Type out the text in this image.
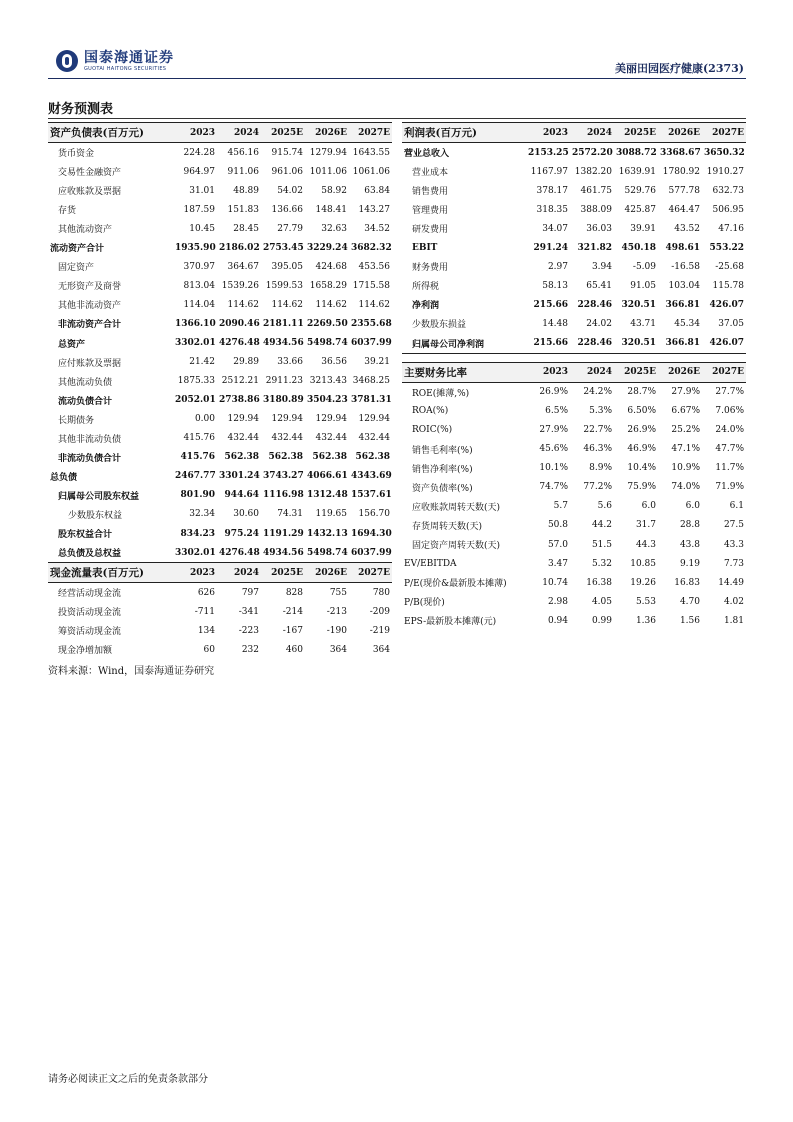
国泰海通证券
GUOTAI HAITONG SECURITIES	美丽田园医疗健康(2373)
财务预测表
资产负债表(百万元)	2023	2024	2025E	2026E	2027E
货币资金	224.28	456.16	915.74	1279.94	1643.55
交易性金融资产	964.97	911.06	961.06	1011.06	1061.06
应收账款及票据	31.01	48.89	54.02	58.92	63.84
存货	187.59	151.83	136.66	148.41	143.27
其他流动资产	10.45	28.45	27.79	32.63	34.52
流动资产合计	1935.90	2186.02	2753.45	3229.24	3682.32
固定资产	370.97	364.67	395.05	424.68	453.56
无形资产及商誉	813.04	1539.26	1599.53	1658.29	1715.58
其他非流动资产	114.04	114.62	114.62	114.62	114.62
非流动资产合计	1366.10	2090.46	2181.11	2269.50	2355.68
总资产	3302.01	4276.48	4934.56	5498.74	6037.99
应付账款及票据	21.42	29.89	33.66	36.56	39.21
其他流动负债	1875.33	2512.21	2911.23	3213.43	3468.25
流动负债合计	2052.01	2738.86	3180.89	3504.23	3781.31
长期债务	0.00	129.94	129.94	129.94	129.94
其他非流动负债	415.76	432.44	432.44	432.44	432.44
非流动负债合计	415.76	562.38	562.38	562.38	562.38
总负债	2467.77	3301.24	3743.27	4066.61	4343.69
归属母公司股东权益	801.90	944.64	1116.98	1312.48	1537.61
少数股东权益	32.34	30.60	74.31	119.65	156.70
股东权益合计	834.23	975.24	1191.29	1432.13	1694.30
总负债及总权益	3302.01	4276.48	4934.56	5498.74	6037.99
现金流量表(百万元)	2023	2024	2025E	2026E	2027E
经营活动现金流	626	797	828	755	780
投资活动现金流	-711	-341	-214	-213	-209
筹资活动现金流	134	-223	-167	-190	-219
现金净增加额	60	232	460	364	364
利润表(百万元)	2023	2024	2025E	2026E	2027E
营业总收入	2153.25	2572.20	3088.72	3368.67	3650.32
营业成本	1167.97	1382.20	1639.91	1780.92	1910.27
销售费用	378.17	461.75	529.76	577.78	632.73
管理费用	318.35	388.09	425.87	464.47	506.95
研发费用	34.07	36.03	39.91	43.52	47.16
EBIT	291.24	321.82	450.18	498.61	553.22
财务费用	2.97	3.94	-5.09	-16.58	-25.68
所得税	58.13	65.41	91.05	103.04	115.78
净利润	215.66	228.46	320.51	366.81	426.07
少数股东损益	14.48	24.02	43.71	45.34	37.05
归属母公司净利润	215.66	228.46	320.51	366.81	426.07

主要财务比率	2023	2024	2025E	2026E	2027E
ROE(摊薄,%)	26.9%	24.2%	28.7%	27.9%	27.7%
ROA(%)	6.5%	5.3%	6.50%	6.67%	7.06%
ROIC(%)	27.9%	22.7%	26.9%	25.2%	24.0%
销售毛利率(%)	45.6%	46.3%	46.9%	47.1%	47.7%
销售净利率(%)	10.1%	8.9%	10.4%	10.9%	11.7%
资产负债率(%)	74.7%	77.2%	75.9%	74.0%	71.9%
应收账款周转天数(天)	5.7	5.6	6.0	6.0	6.1
存货周转天数(天)	50.8	44.2	31.7	28.8	27.5
固定资产周转天数(天)	57.0	51.5	44.3	43.8	43.3
EV/EBITDA	3.47	5.32	10.85	9.19	7.73
P/E(现价&最新股本摊薄)	10.74	16.38	19.26	16.83	14.49
P/B(现价)	2.98	4.05	5.53	4.70	4.02
EPS-最新股本摊薄(元)	0.94	0.99	1.36	1.56	1.81
资料来源：Wind，国泰海通证券研究
请务必阅读正文之后的免责条款部分
